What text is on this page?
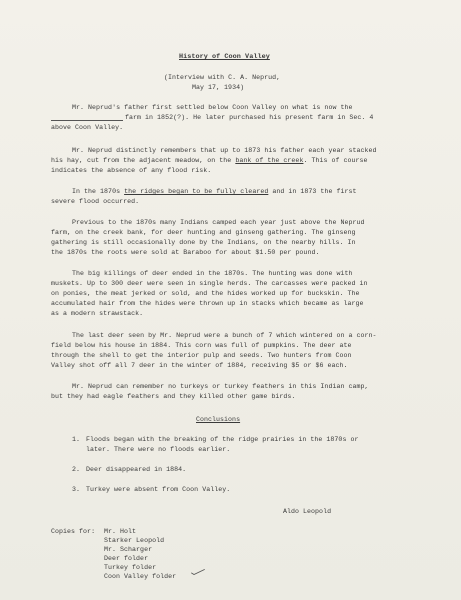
History of Coon Valley
(Interview with C. A. Neprud,
May 17, 1934)
Mr. Neprud's father first settled below Coon Valley on what is now the
farm in 1852(?). He later purchased his present farm in Sec. 4
above Coon Valley.
Mr. Neprud distinctly remembers that up to 1873 his father each year stacked
his hay, cut from the adjacent meadow, on the bank of the creek. This of course
indicates the absence of any flood risk.
In the 1870s the ridges began to be fully cleared and in 1873 the first
severe flood occurred.
Previous to the 1870s many Indians camped each year just above the Neprud
farm, on the creek bank, for deer hunting and ginseng gathering. The ginseng
gathering is still occasionally done by the Indians, on the nearby hills. In
the 1870s the roots were sold at Baraboo for about $1.50 per pound.
The big killings of deer ended in the 1870s. The hunting was done with
muskets. Up to 300 deer were seen in single herds. The carcasses were packed in
on ponies, the meat jerked or sold, and the hides worked up for buckskin. The
accumulated hair from the hides were thrown up in stacks which became as large
as a modern strawstack.
The last deer seen by Mr. Neprud were a bunch of 7 which wintered on a corn-
field below his house in 1884. This corn was full of pumpkins. The deer ate
through the shell to get the interior pulp and seeds. Two hunters from Coon
Valley shot off all 7 deer in the winter of 1884, receiving $5 or $6 each.
Mr. Neprud can remember no turkeys or turkey feathers in this Indian camp,
but they had eagle feathers and they killed other game birds.
Conclusions
1. Floods began with the breaking of the ridge prairies in the 1870s or
later. There were no floods earlier.
2. Deer disappeared in 1884.
3. Turkey were absent from Coon Valley.
Aldo Leopold
Copies for: Mr. Holt
Starker Leopold
Mr. Scharger
Deer folder
Turkey folder
Coon Valley folder
